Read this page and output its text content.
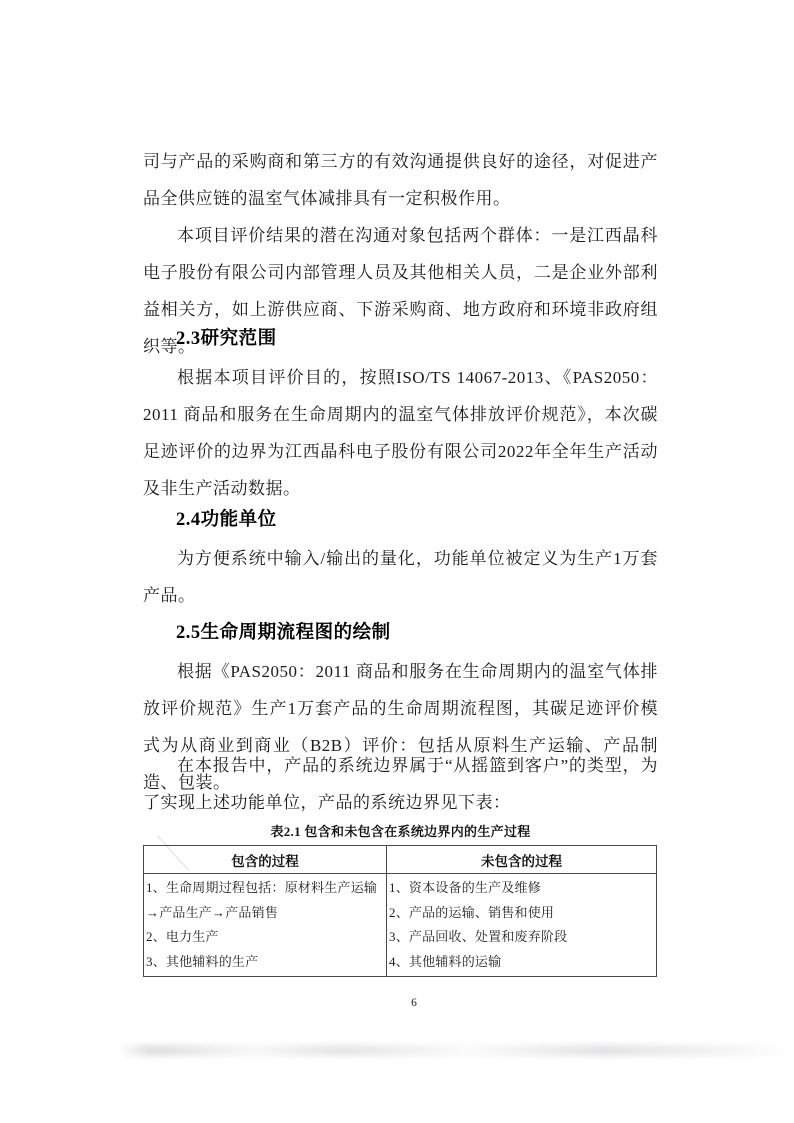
司与产品的采购商和第三方的有效沟通提供良好的途径，对促进产品全供应链的温室气体减排具有一定积极作用。
本项目评价结果的潜在沟通对象包括两个群体：一是江西晶科电子股份有限公司内部管理人员及其他相关人员，二是企业外部利益相关方，如上游供应商、下游采购商、地方政府和环境非政府组织等。
2.3研究范围
根据本项目评价目的，按照ISO/TS 14067-2013、《PAS2050：2011 商品和服务在生命周期内的温室气体排放评价规范》，本次碳足迹评价的边界为江西晶科电子股份有限公司2022年全年生产活动及非生产活动数据。
2.4功能单位
为方便系统中输入/输出的量化，功能单位被定义为生产1万套产品。
2.5生命周期流程图的绘制
根据《PAS2050：2011 商品和服务在生命周期内的温室气体排放评价规范》生产1万套产品的生命周期流程图，其碳足迹评价模式为从商业到商业（B2B）评价：包括从原料生产运输、产品制造、包装。
在本报告中，产品的系统边界属于“从摇篮到客户”的类型，为了实现上述功能单位，产品的系统边界见下表：
表2.1 包含和未包含在系统边界内的生产过程
包含的过程	未包含的过程

1、生命周期过程包括：原材料生产运输→产品生产→产品销售
2、电力生产
3、其他辅料的生产

1、资本设备的生产及维修
2、产品的运输、销售和使用
3、产品回收、处置和废弃阶段
4、其他辅料的运输
6
